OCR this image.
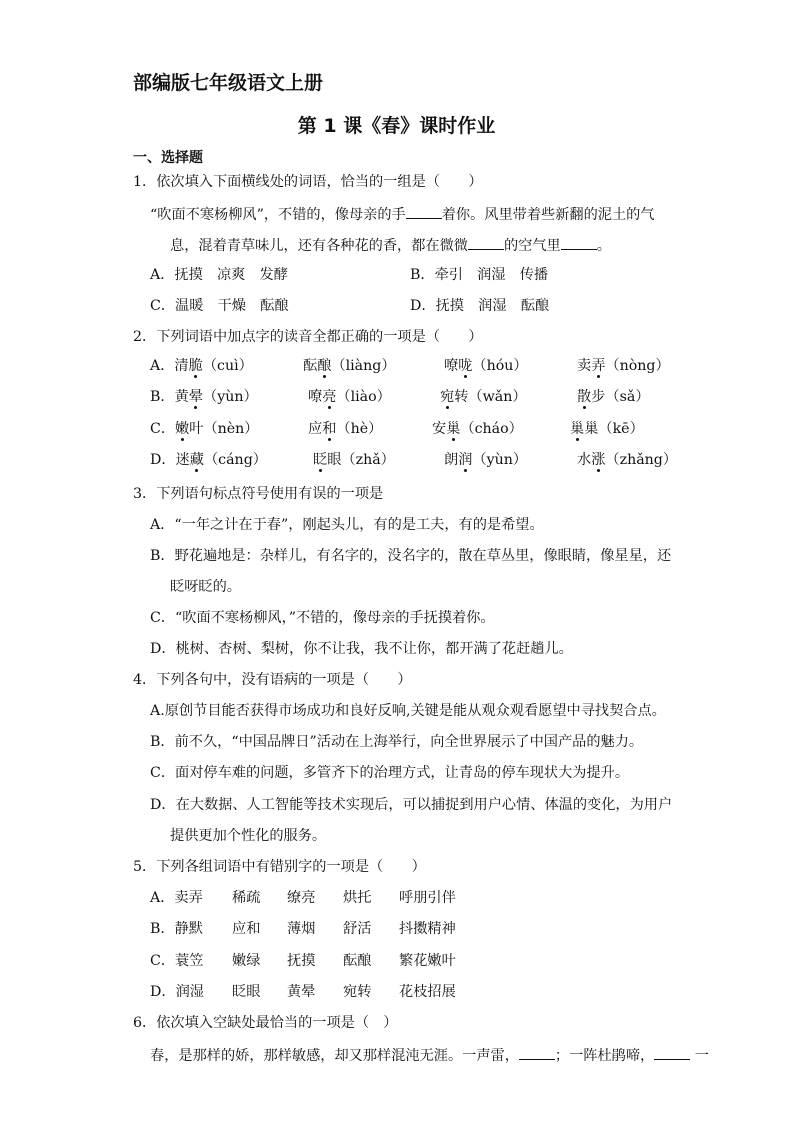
部编版七年级语文上册
第 1 课《春》课时作业
一、选择题
1．依次填入下面横线处的词语，恰当的一组是（　　）
“吹面不寒杨柳风”，不错的，像母亲的手	着你。风里带着些新翻的泥土的气
息，混着青草味儿，还有各种花的香，都在微微	的空气里	。
A．抚摸　凉爽　发酵	B．牵引　润湿　传播
C．温暖　干燥　酝酿	D．抚摸　润湿　酝酿
2．下列词语中加点字的读音全都正确的一项是（　　）
A．清脆（cuì）	酝酿（liàng）	嘹咙（hóu）	卖弄（nòng）
B．黄晕（yùn）	嘹亮（liào）	宛转（wǎn）	散步（sǎ）
C．嫩叶（nèn）	应和（hè）	安巢（cháo）	巢巢（kē）
D．迷藏（cáng）	眨眼（zhǎ）	朗润（yùn）	水涨（zhǎng）
3．下列语句标点符号使用有误的一项是
A．“一年之计在于春”，刚起头儿，有的是工夫，有的是希望。
B．野花遍地是：杂样儿，有名字的，没名字的，散在草丛里，像眼睛，像星星，还
眨呀眨的。
C．“吹面不寒杨柳风，”不错的，像母亲的手抚摸着你。
D．桃树、杏树、梨树，你不让我，我不让你，都开满了花赶趟儿。
4．下列各句中，没有语病的一项是（　　）
A.原创节目能否获得市场成功和良好反响,关键是能从观众观看愿望中寻找契合点。
B．前不久，“中国品牌日”活动在上海举行，向全世界展示了中国产品的魅力。
C．面对停车难的问题，多管齐下的治理方式，让青岛的停车现状大为提升。
D．在大数据、人工智能等技术实现后，可以捕捉到用户心情、体温的变化，为用户
提供更加个性化的服务。
5．下列各组词语中有错别字的一项是（　　）
A．卖弄 稀疏 缭亮 烘托 呼朋引伴
B．静默 应和 薄烟 舒活 抖擞精神
C．蓑笠 嫩绿 抚摸 酝酿 繁花嫩叶
D．润湿 眨眼 黄晕 宛转 花枝招展
6．依次填入空缺处最恰当的一项是（　）
春，是那样的娇，那样敏感，却又那样混沌无涯。一声雷，	；一阵杜鹃啼，	一
